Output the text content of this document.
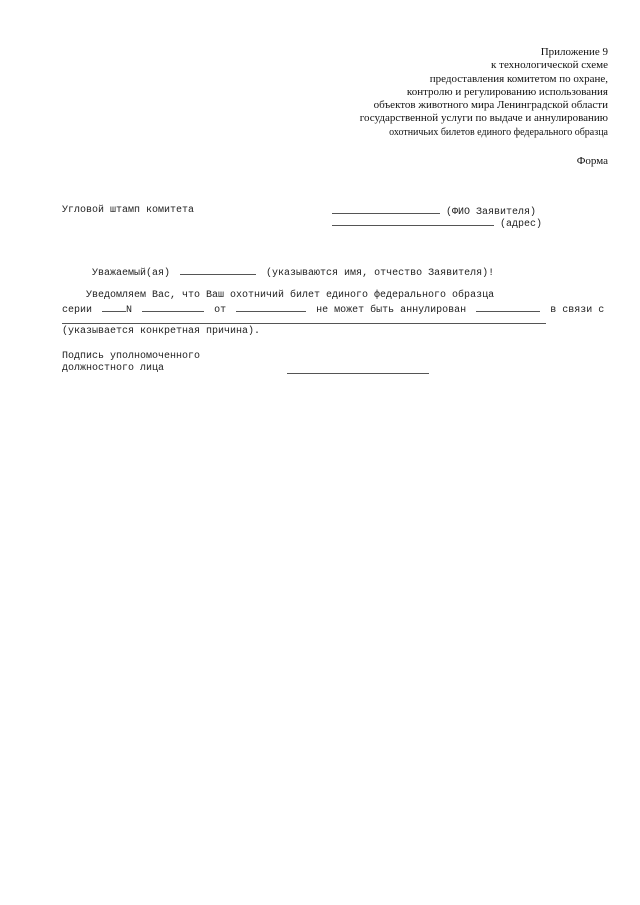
Приложение 9
к технологической схеме
предоставления комитетом по охране,
контролю и регулированию использования
объектов животного мира Ленинградской области
государственной услуги по выдаче и аннулированию
охотничьих билетов единого федерального образца
Форма
Угловой штамп комитета	(ФИО Заявителя)
(адрес)
Уважаемый(ая)	(указываются имя, отчество Заявителя)!
Уведомляем Вас, что Ваш охотничий билет единого федерального образца
серии	N	от	не может быть аннулирован	в связи с
(указывается конкретная причина).
Подпись уполномоченного
должностного лица
